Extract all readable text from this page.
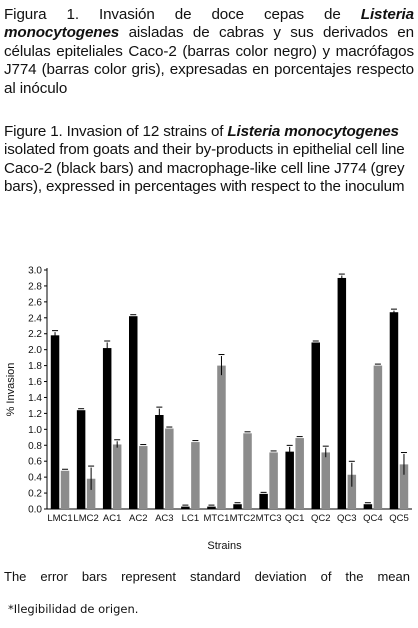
Figura 1. Invasión de doce cepas de Listeria monocytogenes aisladas de cabras y sus derivados en células epiteliales Caco-2 (barras color negro) y macrófagos J774 (barras color gris), expresadas en porcentajes respecto al inóculo
Figure 1. Invasion of 12 strains of Listeria monocytogenes isolated from goats and their by-products in epithelial cell line Caco-2 (black bars) and macrophage-like cell line J774 (grey bars), expressed in percentages with respect to the inoculum
0.0
0.2
0.4
0.6
0.8
1.0
1.2
1.4
1.6
1.8
2.0
2.2
2.4
2.6
2.8
3.0
% Invasion
LMC1 LMC2 AC1 AC2 AC3 LC1 MTC1 MTC2 MTC3 QC1 QC2 QC3 QC4 QC5
Strains
The error bars represent standard deviation of the mean
*Ilegibilidad de origen.
